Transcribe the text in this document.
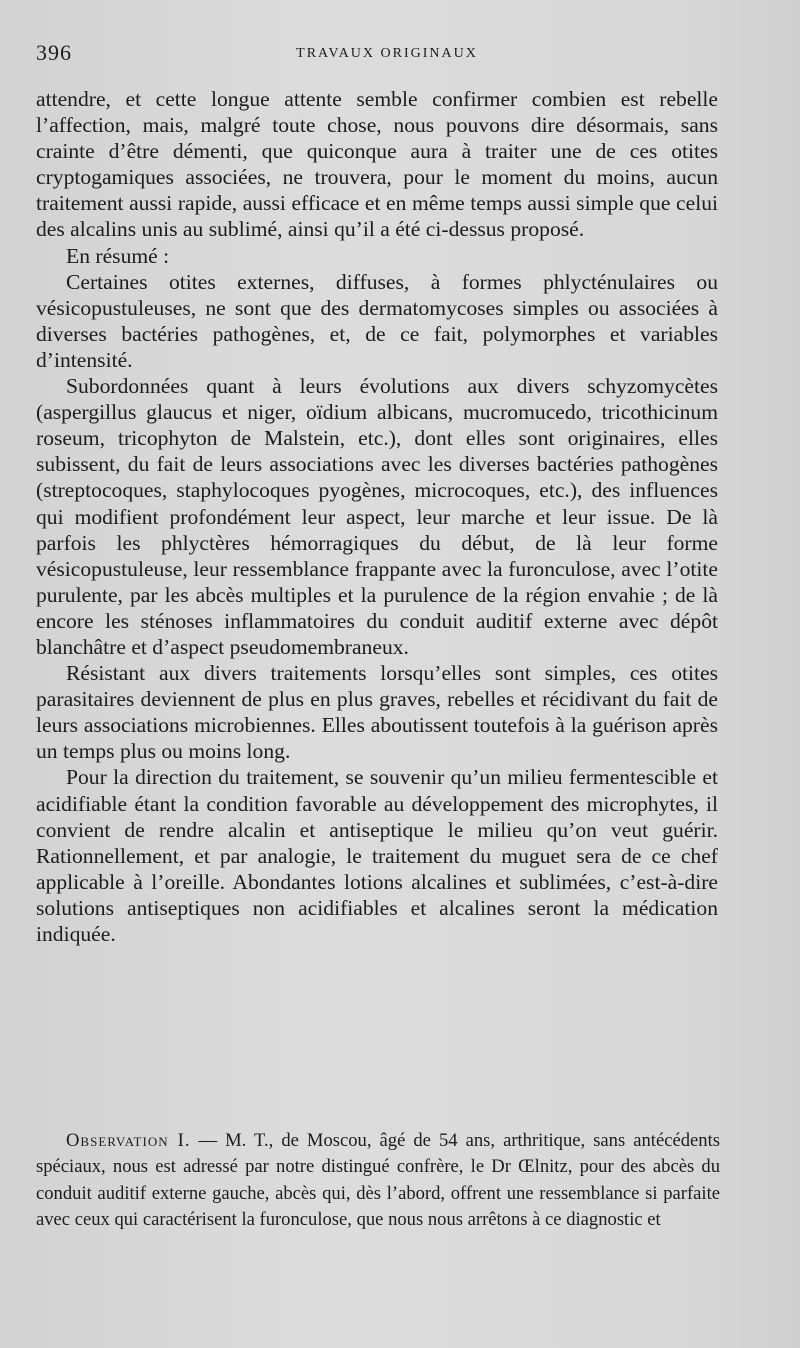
396	TRAVAUX ORIGINAUX

attendre, et cette longue attente semble confirmer combien est rebelle l’affection, mais, malgré toute chose, nous pouvons dire désormais, sans crainte d’être démenti, que quiconque aura à traiter une de ces otites cryptogamiques associées, ne trouvera, pour le moment du moins, aucun traitement aussi rapide, aussi efficace et en même temps aussi simple que celui des alcalins unis au sublimé, ainsi qu’il a été ci-dessus proposé.

En résumé :

Certaines otites externes, diffuses, à formes phlycténulaires ou vésicopustuleuses, ne sont que des dermatomycoses simples ou associées à diverses bactéries pathogènes, et, de ce fait, polymorphes et variables d’intensité.

Subordonnées quant à leurs évolutions aux divers schyzomycètes (aspergillus glaucus et niger, oïdium albicans, mucromucedo, tricothicinum roseum, tricophyton de Malstein, etc.), dont elles sont originaires, elles subissent, du fait de leurs associations avec les diverses bactéries pathogènes (streptocoques, staphylocoques pyogènes, microcoques, etc.), des influences qui modifient profondément leur aspect, leur marche et leur issue. De là parfois les phlyctères hémorragiques du début, de là leur forme vésicopustuleuse, leur ressemblance frappante avec la furonculose, avec l’otite purulente, par les abcès multiples et la purulence de la région envahie ; de là encore les sténoses inflammatoires du conduit auditif externe avec dépôt blanchâtre et d’aspect pseudomembraneux.

Résistant aux divers traitements lorsqu’elles sont simples, ces otites parasitaires deviennent de plus en plus graves, rebelles et récidivant du fait de leurs associations microbiennes. Elles aboutissent toutefois à la guérison après un temps plus ou moins long.

Pour la direction du traitement, se souvenir qu’un milieu fermentescible et acidifiable étant la condition favorable au développement des microphytes, il convient de rendre alcalin et antiseptique le milieu qu’on veut guérir. Rationnellement, et par analogie, le traitement du muguet sera de ce chef applicable à l’oreille. Abondantes lotions alcalines et sublimées, c’est-à-dire solutions antiseptiques non acidifiables et alcalines seront la médication indiquée.

Observation I. — M. T., de Moscou, âgé de 54 ans, arthritique, sans antécédents spéciaux, nous est adressé par notre distingué confrère, le Dr Œlnitz, pour des abcès du conduit auditif externe gauche, abcès qui, dès l’abord, offrent une ressemblance si parfaite avec ceux qui caractérisent la furonculose, que nous nous arrêtons à ce diagnostic et
